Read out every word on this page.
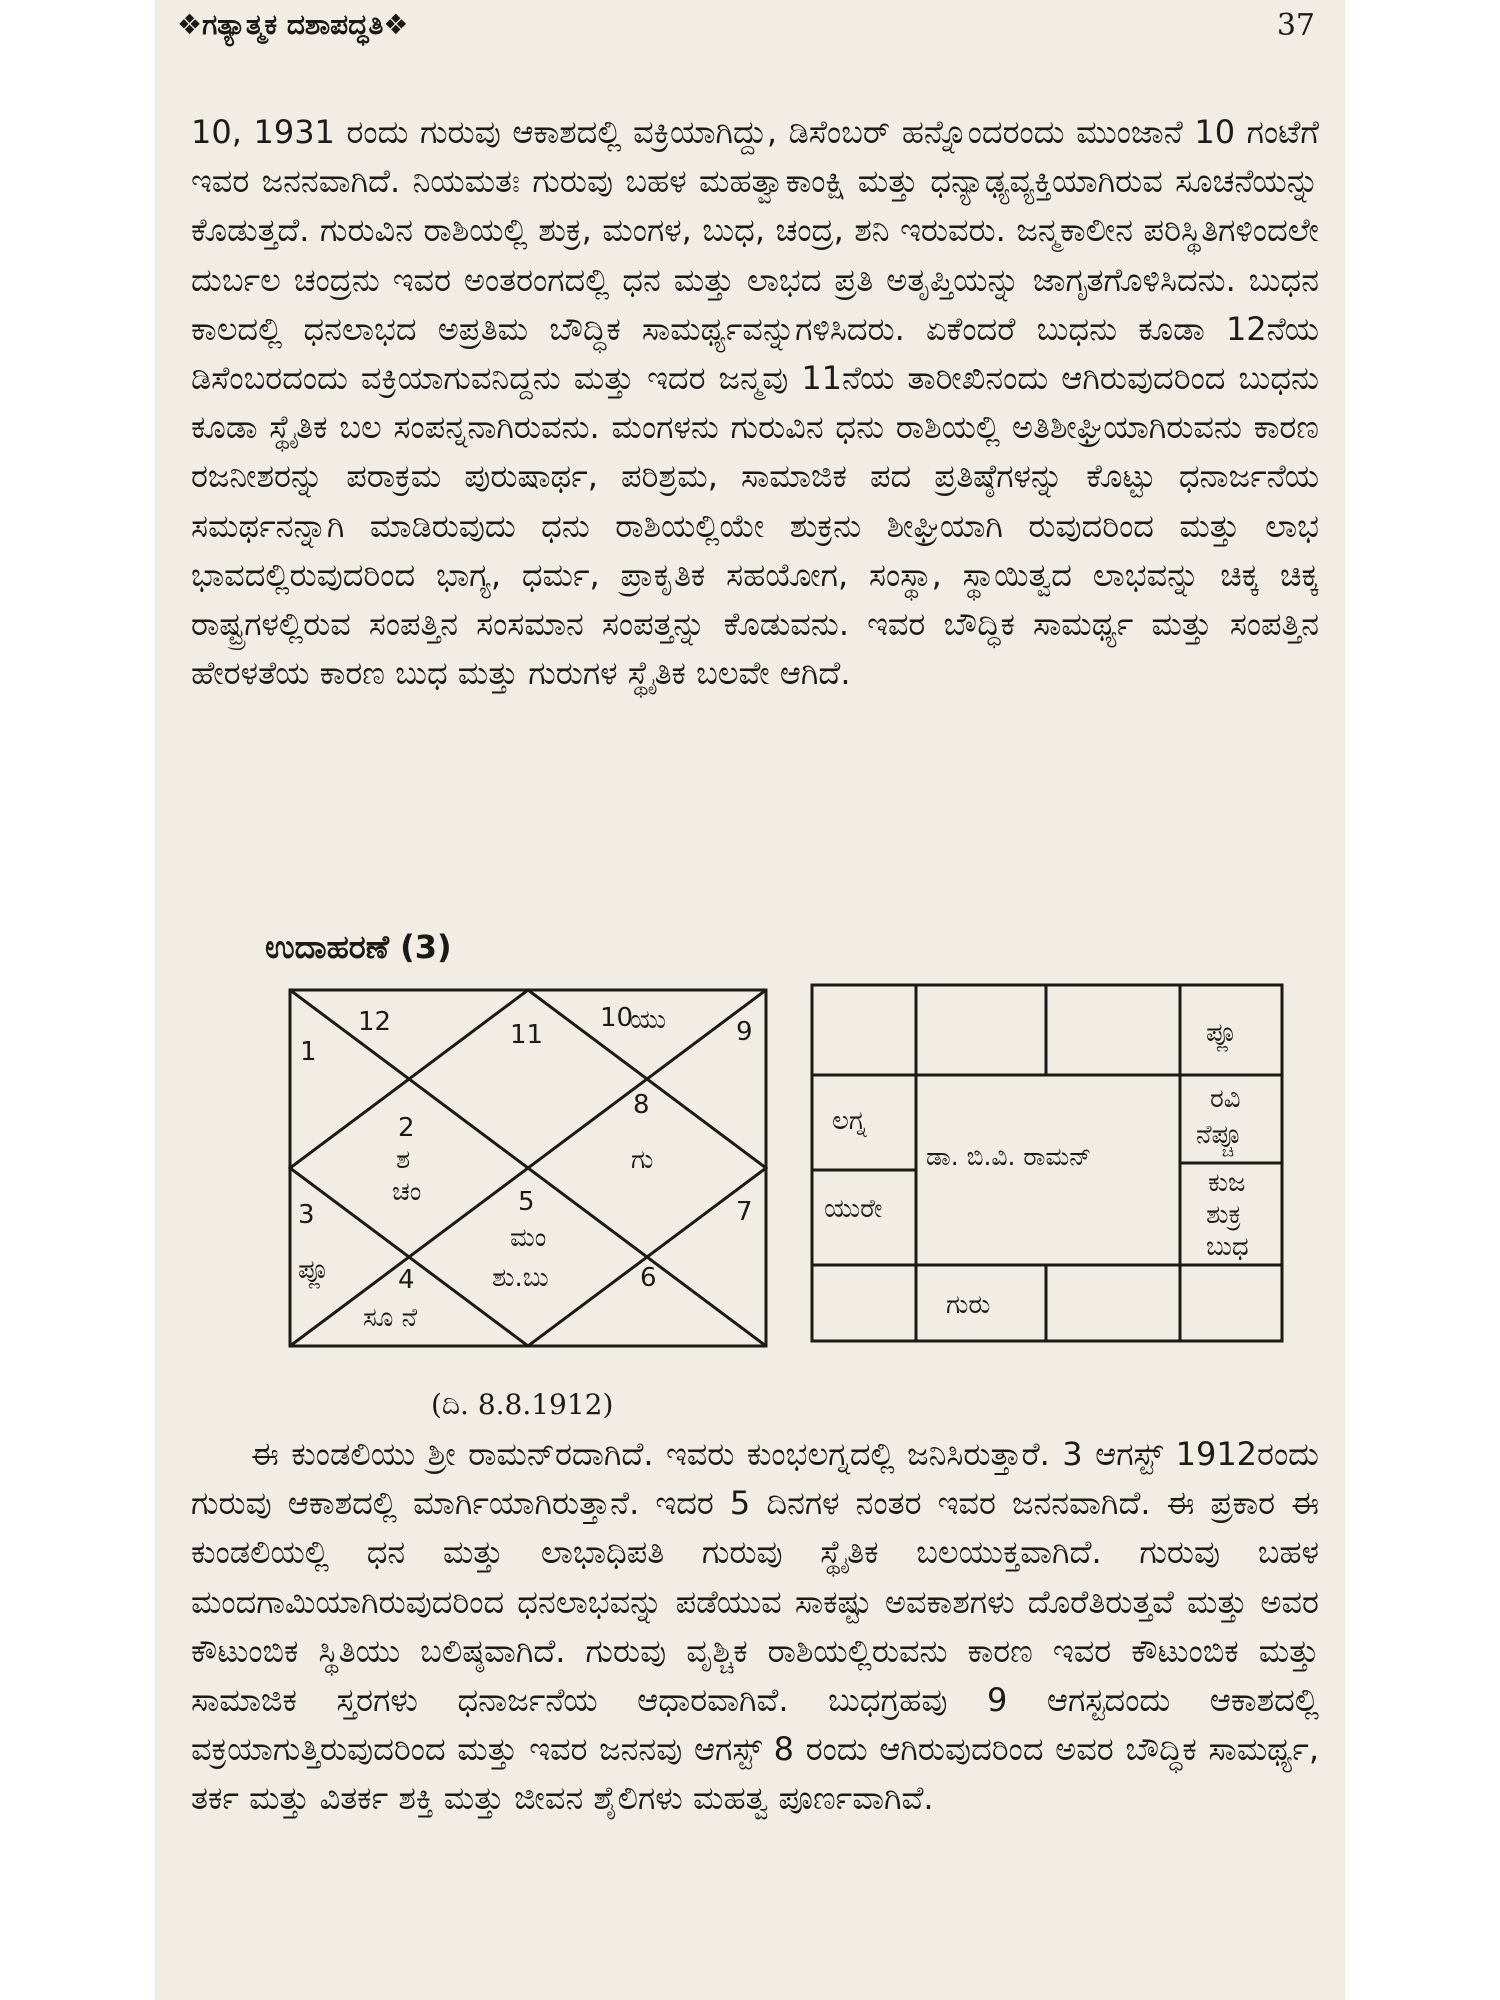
❖ಗತ್ಯಾತ್ಮಕ ದಶಾಪದ್ಧತಿ❖	37

10, 1931 ರಂದು ಗುರುವು ಆಕಾಶದಲ್ಲಿ ವಕ್ರಿಯಾಗಿದ್ದು, ಡಿಸೆಂಬರ್ ಹನ್ನೊಂದರಂದು ಮುಂಜಾನೆ 10 ಗಂಟೆಗೆ ಇವರ ಜನನವಾಗಿದೆ. ನಿಯಮತಃ ಗುರುವು ಬಹಳ ಮಹತ್ವಾಕಾಂಕ್ಷಿ ಮತ್ತು ಧನ್ಯಾಢ್ಯವ್ಯಕ್ತಿಯಾಗಿರುವ ಸೂಚನೆಯನ್ನು ಕೊಡುತ್ತದೆ. ಗುರುವಿನ ರಾಶಿಯಲ್ಲಿ ಶುಕ್ರ, ಮಂಗಳ, ಬುಧ, ಚಂದ್ರ, ಶನಿ ಇರುವರು. ಜನ್ಮಕಾಲೀನ ಪರಿಸ್ಥಿತಿಗಳಿಂದಲೇ ದುರ್ಬಲ ಚಂದ್ರನು ಇವರ ಅಂತರಂಗದಲ್ಲಿ ಧನ ಮತ್ತು ಲಾಭದ ಪ್ರತಿ ಅತೃಪ್ತಿಯನ್ನು ಜಾಗೃತಗೊಳಿಸಿದನು. ಬುಧನ ಕಾಲದಲ್ಲಿ ಧನಲಾಭದ ಅಪ್ರತಿಮ ಬೌದ್ಧಿಕ ಸಾಮರ್ಥ್ಯವನ್ನುಗಳಿಸಿದರು. ಏಕೆಂದರೆ ಬುಧನು ಕೂಡಾ 12ನೆಯ ಡಿಸೆಂಬರದಂದು ವಕ್ರಿಯಾಗುವನಿದ್ದನು ಮತ್ತು ಇದರ ಜನ್ಮವು 11ನೆಯ ತಾರೀಖಿನಂದು ಆಗಿರುವುದರಿಂದ ಬುಧನು ಕೂಡಾ ಸ್ಥೈತಿಕ ಬಲ ಸಂಪನ್ನನಾಗಿರುವನು. ಮಂಗಳನು ಗುರುವಿನ ಧನು ರಾಶಿಯಲ್ಲಿ ಅತಿಶೀಘ್ರಿಯಾಗಿರುವನು ಕಾರಣ ರಜನೀಶರನ್ನು ಪರಾಕ್ರಮ ಪುರುಷಾರ್ಥ, ಪರಿಶ್ರಮ, ಸಾಮಾಜಿಕ ಪದ ಪ್ರತಿಷ್ಠೆಗಳನ್ನು ಕೊಟ್ಟು ಧನಾರ್ಜನೆಯ ಸಮರ್ಥನನ್ನಾಗಿ ಮಾಡಿರುವುದು ಧನು ರಾಶಿಯಲ್ಲಿಯೇ ಶುಕ್ರನು ಶೀಘ್ರಿಯಾಗಿ ರುವುದರಿಂದ ಮತ್ತು ಲಾಭ ಭಾವದಲ್ಲಿರುವುದರಿಂದ ಭಾಗ್ಯ, ಧರ್ಮ, ಪ್ರಾಕೃತಿಕ ಸಹಯೋಗ, ಸಂಸ್ಥಾ, ಸ್ಥಾಯಿತ್ವದ ಲಾಭವನ್ನು ಚಿಕ್ಕ ಚಿಕ್ಕ ರಾಷ್ಟ್ರಗಳಲ್ಲಿರುವ ಸಂಪತ್ತಿನ ಸಂಸಮಾನ ಸಂಪತ್ತನ್ನು ಕೊಡುವನು. ಇವರ ಬೌದ್ಧಿಕ ಸಾಮರ್ಥ್ಯ ಮತ್ತು ಸಂಪತ್ತಿನ ಹೇರಳತೆಯ ಕಾರಣ ಬುಧ ಮತ್ತು ಗುರುಗಳ ಸ್ಥೈತಿಕ ಬಲವೇ ಆಗಿದೆ.

ಉದಾಹರಣೆ (3)

12
1
11
10
ಯು	9
2
ಶ
ಚಂ
8
ಗು
3
ಪ್ಲೂ
5
ಮಂ
ಶು.ಬು
7
4
ಸೂ ನೆ
6
ಪ್ಲೂ
ರವಿ
ನೆಪ್ಚೂ
ಕುಜ
ಶುಕ್ರ
ಬುಧ
ಲಗ್ನ
ಯುರೇ
ಗುರು
ಡಾ. ಬಿ.ವಿ. ರಾಮನ್

(ದಿ. 8.8.1912)

ಈ ಕುಂಡಲಿಯು ಶ್ರೀ ರಾಮನ್‌ರದಾಗಿದೆ. ಇವರು ಕುಂಭಲಗ್ನದಲ್ಲಿ ಜನಿಸಿರುತ್ತಾರೆ. 3 ಆಗಸ್ಟ್ 1912ರಂದು ಗುರುವು ಆಕಾಶದಲ್ಲಿ ಮಾರ್ಗಿಯಾಗಿರುತ್ತಾನೆ. ಇದರ 5 ದಿನಗಳ ನಂತರ ಇವರ ಜನನವಾಗಿದೆ. ಈ ಪ್ರಕಾರ ಈ ಕುಂಡಲಿಯಲ್ಲಿ ಧನ ಮತ್ತು ಲಾಭಾಧಿಪತಿ ಗುರುವು ಸ್ಥೈತಿಕ ಬಲಯುಕ್ತವಾಗಿದೆ. ಗುರುವು ಬಹಳ ಮಂದಗಾಮಿಯಾಗಿರುವುದರಿಂದ ಧನಲಾಭವನ್ನು ಪಡೆಯುವ ಸಾಕಷ್ಟು ಅವಕಾಶಗಳು ದೊರೆತಿರುತ್ತವೆ ಮತ್ತು ಅವರ ಕೌಟುಂಬಿಕ ಸ್ಥಿತಿಯು ಬಲಿಷ್ಠವಾಗಿದೆ. ಗುರುವು ವೃಶ್ಚಿಕ ರಾಶಿಯಲ್ಲಿರುವನು ಕಾರಣ ಇವರ ಕೌಟುಂಬಿಕ ಮತ್ತು ಸಾಮಾಜಿಕ ಸ್ತರಗಳು ಧನಾರ್ಜನೆಯ ಆಧಾರವಾಗಿವೆ. ಬುಧಗ್ರಹವು 9 ಆಗಸ್ಟದಂದು ಆಕಾಶದಲ್ಲಿ ವಕ್ರಯಾಗುತ್ತಿರುವುದರಿಂದ ಮತ್ತು ಇವರ ಜನನವು ಆಗಸ್ಟ್ 8 ರಂದು ಆಗಿರುವುದರಿಂದ ಅವರ ಬೌದ್ಧಿಕ ಸಾಮರ್ಥ್ಯ, ತರ್ಕ ಮತ್ತು ವಿತರ್ಕ ಶಕ್ತಿ ಮತ್ತು ಜೀವನ ಶೈಲಿಗಳು ಮಹತ್ವ ಪೂರ್ಣವಾಗಿವೆ.
